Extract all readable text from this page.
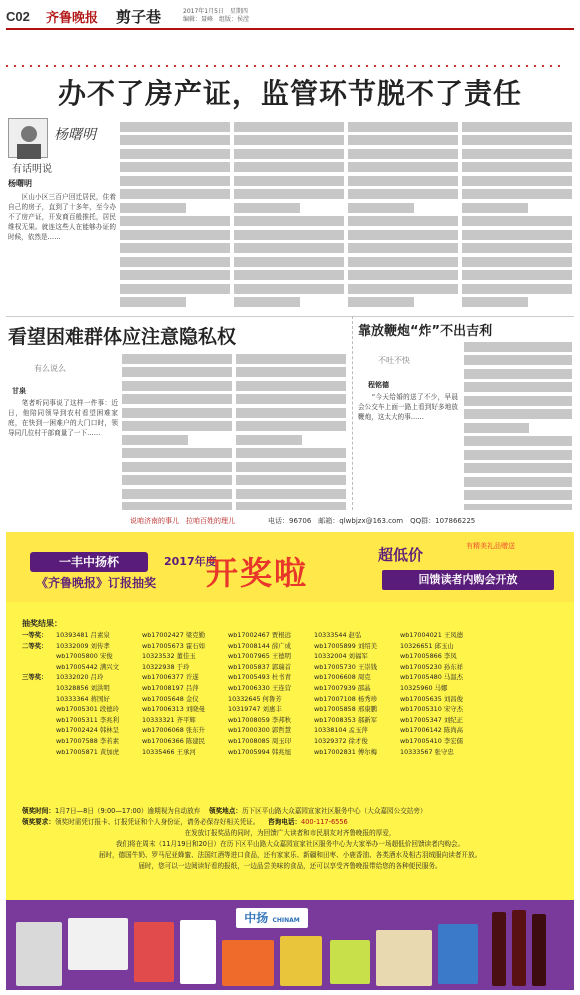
C02	齐鲁晚报 剪子巷	2017年1月5日　星期四
编辑：聂峰　组版：侯滢
办不了房产证，监管环节脱不了责任
杨曙明
有话明说
杨曙明
　　区山小区三百户回迁居民，住着自己的房子，直到了十多年，至今办不了房产证，开发商百般推托，居民维权无果。就连这些人在能够办证的时候，依然是……
看望困难群体应注意隐私权
有么说么
甘泉
　　笔者听同事说了这样一件事：近日，他陪同领导到农村看望困难家庭，在快到一困难户的大门口时，领导同几位村干部商量了一下……
靠放鞭炮“炸”不出吉利
不吐不快
程铭德
　　“今天给婚的送了不少，早晨会公交车上面一路上看到好多地放鞭炮，这太大的事……
说咱济南的事儿　拉咱百姓的理儿	电话：96706　邮箱：qlwbjzx@163.com　QQ群：107866225
一丰中扬杯
《齐鲁晚报》订报抽奖
2017年度
开奖啦	超低价	有精美礼品赠送
回馈读者内购会开放
抽奖结果：
一等奖：	10393481 吕素泉	wb17002427 梁克勤	wb17002467 贾根远	10333544 赵弘	wb17004021 王凤德
二等奖：	10332009 刘传孝	wb17005673 霍石如	wb17008144 薛广成	wb17005899 刘绍美	10326651 邱玉山
wb17005800 宋俊	10323532 董佳玉	wb17007965 王德明	10332004 刘福军	wb17005866 李凤
wb17005442 满兴文	10322938 于玲	wb17005837 郭瑞首	wb17005730 王崇钱	wb17005230 孙东祥
三等奖：	10332020 吕玲	wb17006377 许遂	wb17005493 杜书青	wb17006608 周克	wb17005480 马温杰
10328856 刘洪明	wb17008197 吕萍	wb17006330 王连营	wb17007939 邵晶	10325960 马娜
10333364 蒋国好	wb17005648 金仪	10332645 何鲁芳	wb17007108 杨秀珍	wb17005635 刘昌俊
wb17005301 段德玲	wb17006313 刘晓曼	10319747 刘惠丰	wb17005858 邢康鹏	wb17005310 宋守杰
wb17005311 李兆利	10333321 齐平辉	wb17008059 李邦秋	wb17008353 郝新军	wb17005347 刘纪正
wb17002424 韩林呈	wb17006068 张东升	wb17000300 郭哲慧	10338104 孟玉萍	wb17006142 陈尚高
wb17007588 李若素	wb17006366 陈建民	wb17008085 周玉印	10329372 徐才俊	wb17005410 李宏儒
wb17005871 黄加虎	10335466 王承河	wb17005994 韩兆旭	wb17002831 傅尔梅	10333567 张守忠
领奖时间：1月7日—8日（9:00—17:00）逾期视为自动放弃 　 领奖地点：历下区平山路大众嘉园宣家社区服务中心（大众嘉园公交站旁）
领奖要求：领奖时需凭订报卡、订报凭证和个人身份证，请务必保存好相关凭证。 　 咨询电话：400-117-6556
在发放订报奖品的同时，为回馈广大读者和市民朋友对齐鲁晚报的厚爱，
我们将在周末（11月19日和20日）在历下区平山路大众嘉园宣家社区服务中心为大家举办一场超低价回馈读者内购会。
届时，德国牛奶、罗马尼亚蜂蜜、法国红酒等进口食品，还有家家乐、新疆和田枣、小鹿香油、各类酒水及相古羽绒服向读者开放。
届时，您可以一边阅读好看的报纸，一边品尝美味的食品，还可以享受齐鲁晚报带给您的各种便民服务。
中扬 CHINAM
